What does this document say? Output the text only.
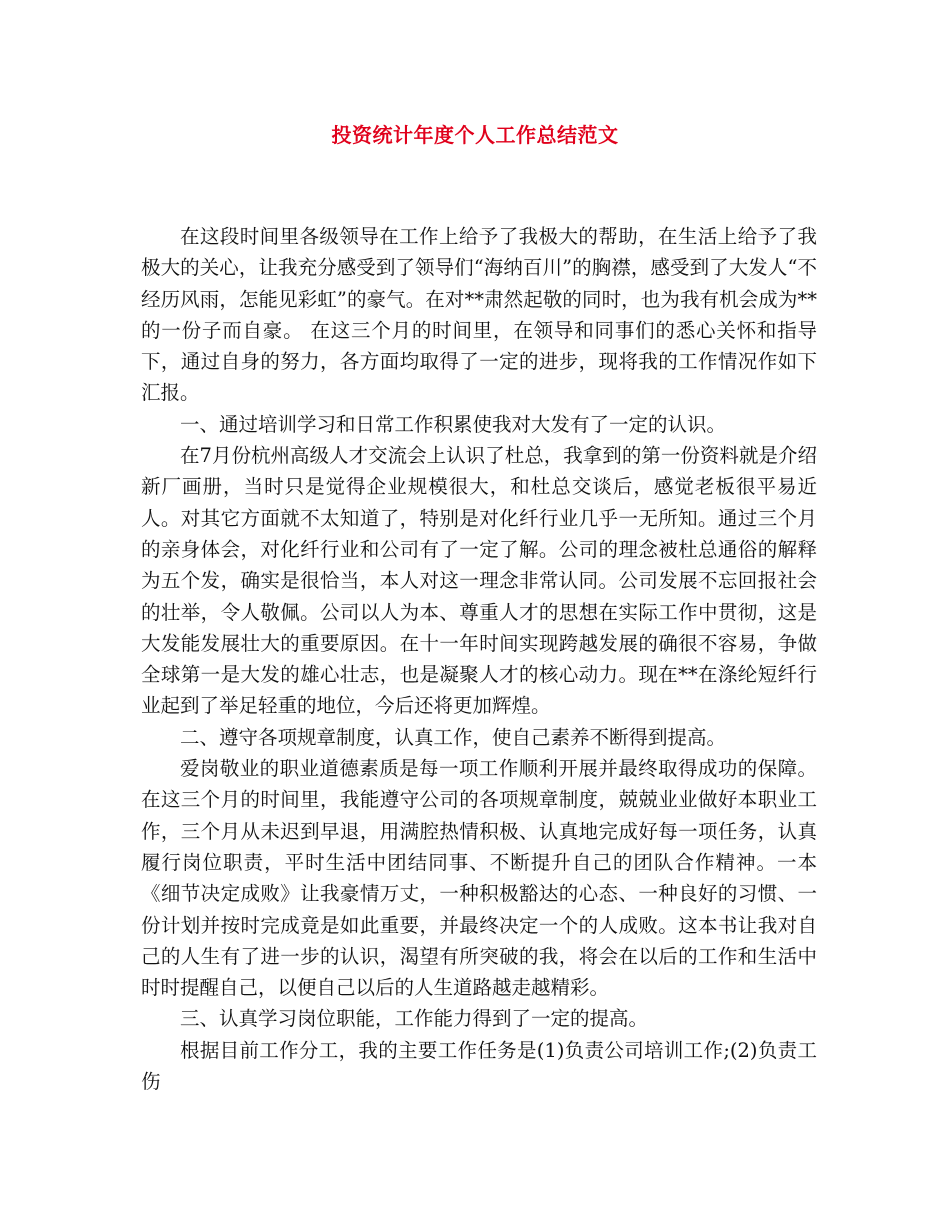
投资统计年度个人工作总结范文

在这段时间里各级领导在工作上给予了我极大的帮助，在生活上给予了我极大的关心，让我充分感受到了领导们“海纳百川”的胸襟，感受到了大发人“不经历风雨，怎能见彩虹”的豪气。在对**肃然起敬的同时，也为我有机会成为**的一份子而自豪。 在这三个月的时间里，在领导和同事们的悉心关怀和指导下，通过自身的努力，各方面均取得了一定的进步，现将我的工作情况作如下汇报。

一、通过培训学习和日常工作积累使我对大发有了一定的认识。

在7月份杭州高级人才交流会上认识了杜总，我拿到的第一份资料就是介绍新厂画册，当时只是觉得企业规模很大，和杜总交谈后，感觉老板很平易近人。对其它方面就不太知道了，特别是对化纤行业几乎一无所知。通过三个月的亲身体会，对化纤行业和公司有了一定了解。公司的理念被杜总通俗的解释为五个发，确实是很恰当，本人对这一理念非常认同。公司发展不忘回报社会的壮举，令人敬佩。公司以人为本、尊重人才的思想在实际工作中贯彻，这是大发能发展壮大的重要原因。在十一年时间实现跨越发展的确很不容易，争做全球第一是大发的雄心壮志，也是凝聚人才的核心动力。现在**在涤纶短纤行业起到了举足轻重的地位，今后还将更加辉煌。

二、遵守各项规章制度，认真工作，使自己素养不断得到提高。

爱岗敬业的职业道德素质是每一项工作顺利开展并最终取得成功的保障。在这三个月的时间里，我能遵守公司的各项规章制度，兢兢业业做好本职业工作，三个月从未迟到早退，用满腔热情积极、认真地完成好每一项任务，认真履行岗位职责，平时生活中团结同事、不断提升自己的团队合作精神。一本《细节决定成败》让我豪情万丈，一种积极豁达的心态、一种良好的习惯、一份计划并按时完成竟是如此重要，并最终决定一个的人成败。这本书让我对自己的人生有了进一步的认识，渴望有所突破的我，将会在以后的工作和生活中时时提醒自己，以便自己以后的人生道路越走越精彩。

三、认真学习岗位职能，工作能力得到了一定的提高。

根据目前工作分工，我的主要工作任务是(1)负责公司培训工作;(2)负责工伤
